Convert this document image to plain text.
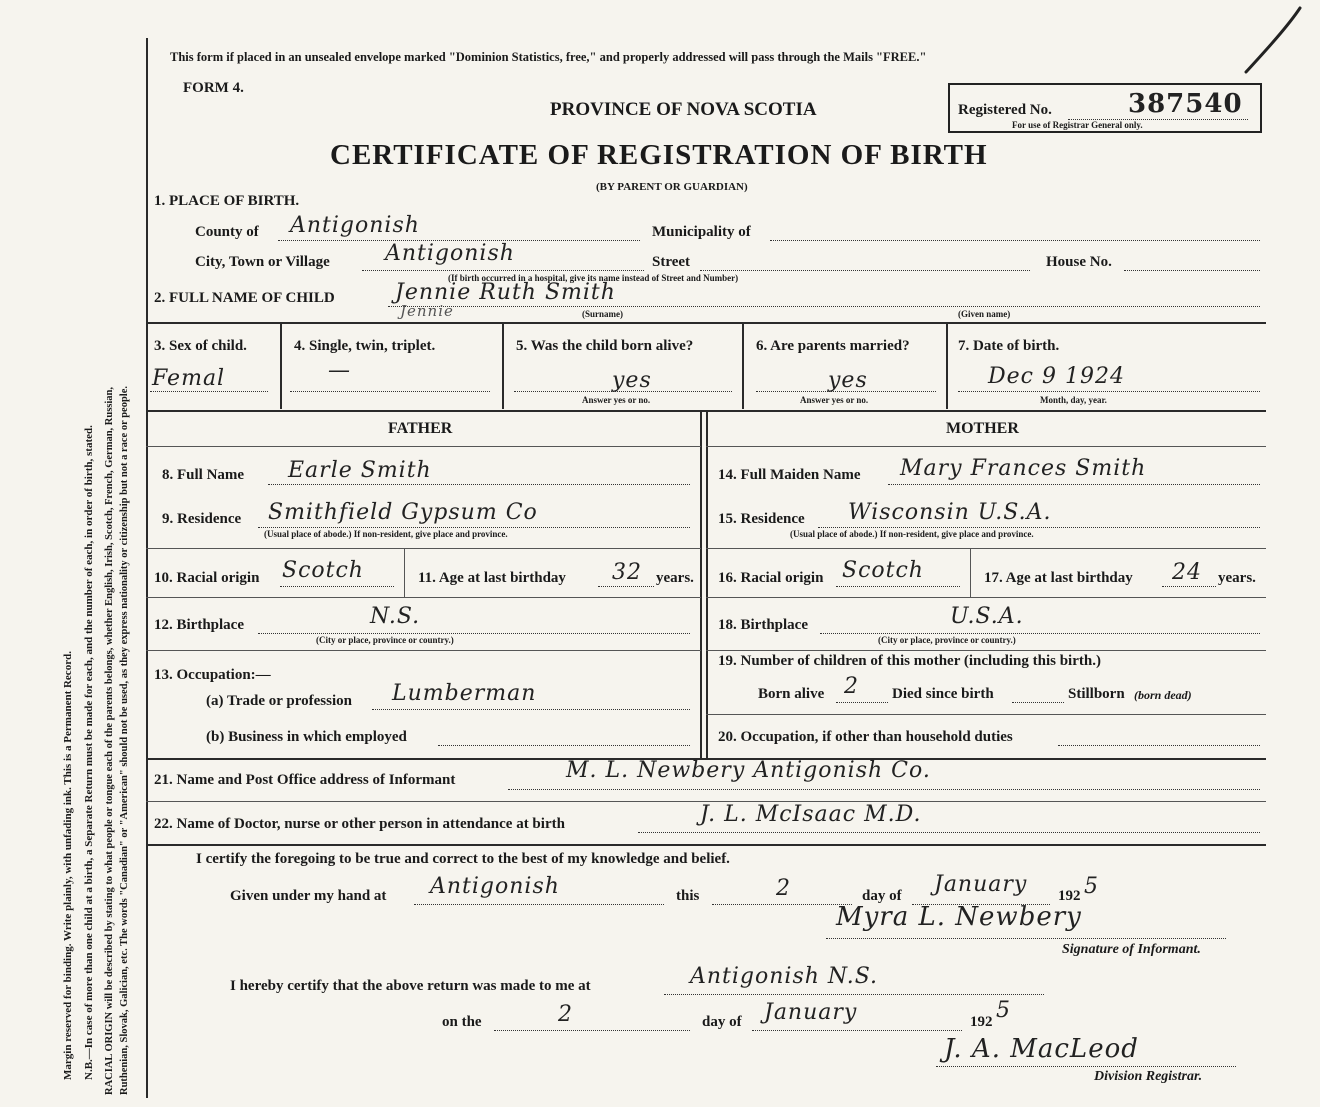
Margin reserved for binding. Write plainly, with unfading ink. This is a Permanent Record. N.B.—In case of more than one child at a birth, a Separate Return must be made for each, and the number of each, in order of birth, stated. RACIAL ORIGIN will be described by stating to what people or tongue each of the parents belongs, whether English, Irish, Scotch, French, German, Russian, Ruthenian, Slovak, Galician, etc. The words "Canadian" or "American" should not be used, as they express nationality or citizenship but not a race or people.
This form if placed in an unsealed envelope marked "Dominion Statistics, free," and properly addressed will pass through the Mails "FREE."
FORM 4.
PROVINCE OF NOVA SCOTIA	Registered No.	387540
For use of Registrar General only.
CERTIFICATE OF REGISTRATION OF BIRTH
(BY PARENT OR GUARDIAN)
1. PLACE OF BIRTH.
County of Antigonish	Municipality of
City, Town or Village	Antigonish	Street	House No.
(If birth occurred in a hospital, give its name instead of Street and Number)
2. FULL NAME OF CHILD	Jennie Ruth Smith
Jennie	(Surname)	(Given name)
3. Sex of child.
Femal
4. Single, twin, triplet.
—
5. Was the child born alive?
yes
Answer yes or no.
6. Are parents married?
yes
Answer yes or no.
7. Date of birth.
Dec 9 1924
Month, day, year.
FATHER	MOTHER
8. Full Name Earle Smith	14. Full Maiden Name Mary Frances Smith
9. Residence Smithfield Gypsum Co
(Usual place of abode.) If non-resident, give place and province.
15. Residence Wisconsin U.S.A.
(Usual place of abode.) If non-resident, give place and province.
10. Racial origin Scotch	11. Age at last birthday 32 years. 16. Racial origin Scotch	17. Age at last birthday 24 years.
12. Birthplace	N.S.
(City or place, province or country.)
18. Birthplace	U.S.A.
(City or place, province or country.)
13. Occupation:—
(a) Trade or profession Lumberman
(b) Business in which employed
19. Number of children of this mother (including this birth.)
Born alive 2 Died since birth	Stillborn (born dead)
20. Occupation, if other than household duties
21. Name and Post Office address of Informant	M. L. Newbery Antigonish Co.
22. Name of Doctor, nurse or other person in attendance at birth	J. L. McIsaac M.D.
I certify the foregoing to be true and correct to the best of my knowledge and belief.
Given under my hand at Antigonish	this	2	day of January 192 5
Myra L. Newbery
Signature of Informant.
I hereby certify that the above return was made to me at	Antigonish N.S.
on the	2	day of January	192 5
J. A. MacLeod
Division Registrar.
